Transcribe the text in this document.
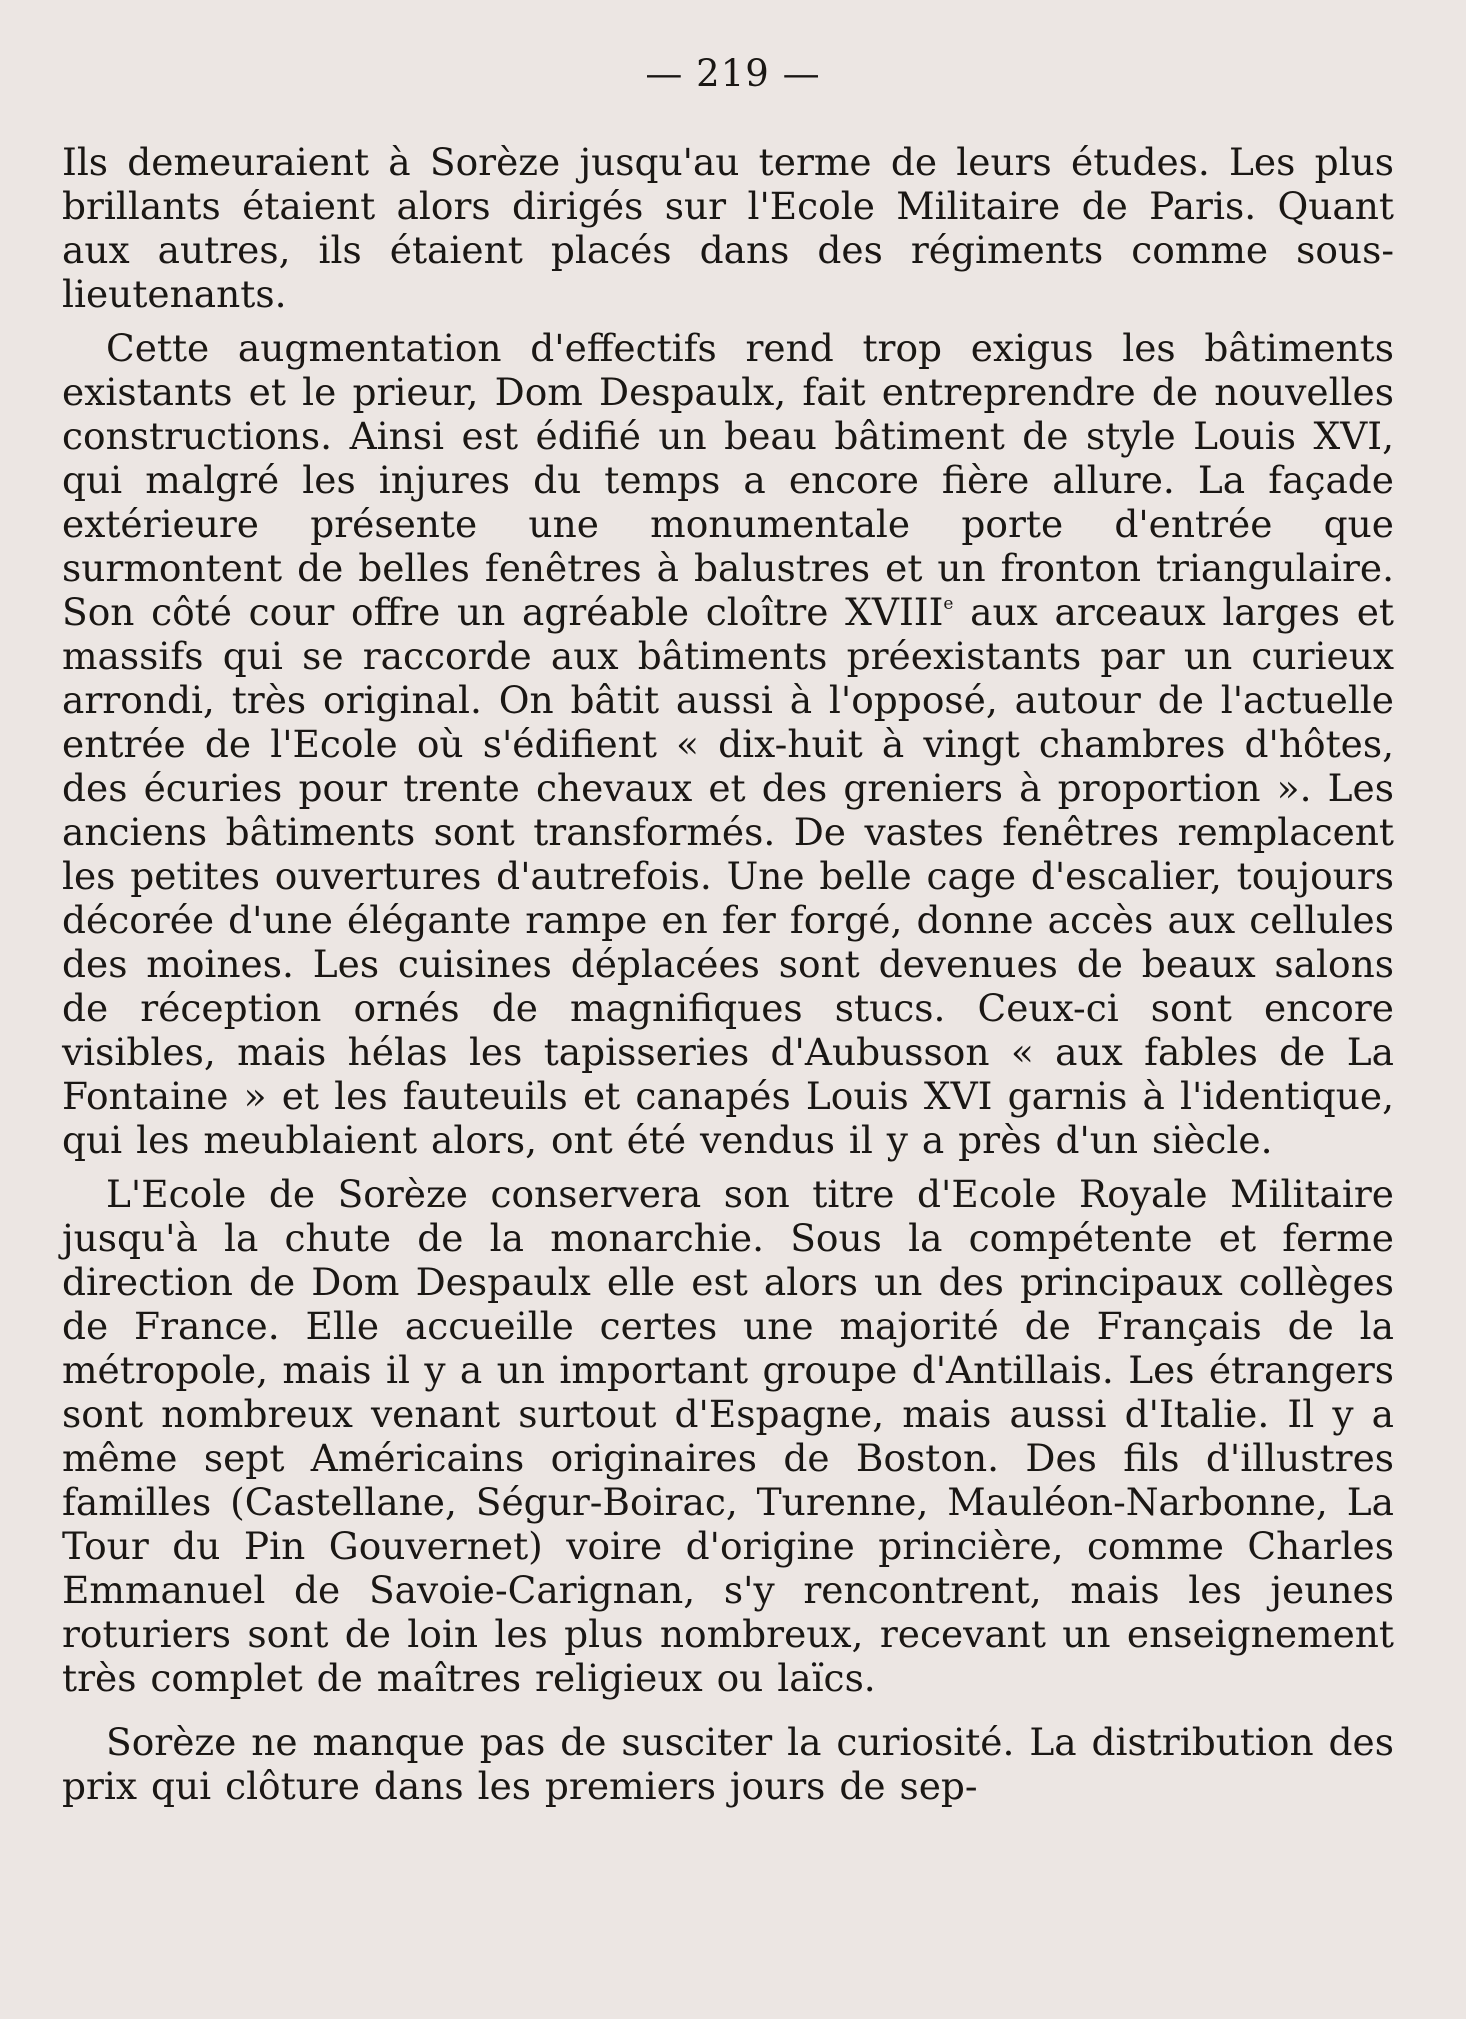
— 219 —

Ils demeuraient à Sorèze jusqu'au terme de leurs études. Les plus brillants étaient alors dirigés sur l'Ecole Militaire de Paris. Quant aux autres, ils étaient placés dans des régiments comme sous-lieutenants.

Cette augmentation d'effectifs rend trop exigus les bâtiments existants et le prieur, Dom Despaulx, fait entreprendre de nouvelles constructions. Ainsi est édifié un beau bâtiment de style Louis XVI, qui malgré les injures du temps a encore fière allure. La façade extérieure présente une monumentale porte d'entrée que surmontent de belles fenêtres à balustres et un fronton triangulaire. Son côté cour offre un agréable cloître XVIIIe aux arceaux larges et massifs qui se raccorde aux bâtiments préexistants par un curieux arrondi, très original. On bâtit aussi à l'opposé, autour de l'actuelle entrée de l'Ecole où s'édifient « dix-huit à vingt chambres d'hôtes, des écuries pour trente chevaux et des greniers à proportion ». Les anciens bâtiments sont transformés. De vastes fenêtres remplacent les petites ouvertures d'autrefois. Une belle cage d'escalier, toujours décorée d'une élégante rampe en fer forgé, donne accès aux cellules des moines. Les cuisines déplacées sont devenues de beaux salons de réception ornés de magnifiques stucs. Ceux-ci sont encore visibles, mais hélas les tapisseries d'Aubusson « aux fables de La Fontaine » et les fauteuils et canapés Louis XVI garnis à l'identique, qui les meublaient alors, ont été vendus il y a près d'un siècle.

L'Ecole de Sorèze conservera son titre d'Ecole Royale Militaire jusqu'à la chute de la monarchie. Sous la compétente et ferme direction de Dom Despaulx elle est alors un des principaux collèges de France. Elle accueille certes une majorité de Français de la métropole, mais il y a un important groupe d'Antillais. Les étrangers sont nombreux venant surtout d'Espagne, mais aussi d'Italie. Il y a même sept Américains originaires de Boston. Des fils d'illustres familles (Castellane, Ségur-Boirac, Turenne, Mauléon-Narbonne, La Tour du Pin Gouvernet) voire d'origine princière, comme Charles Emmanuel de Savoie-Carignan, s'y rencontrent, mais les jeunes roturiers sont de loin les plus nombreux, recevant un enseignement très complet de maîtres religieux ou laïcs.

Sorèze ne manque pas de susciter la curiosité. La distribution des prix qui clôture dans les premiers jours de sep-
